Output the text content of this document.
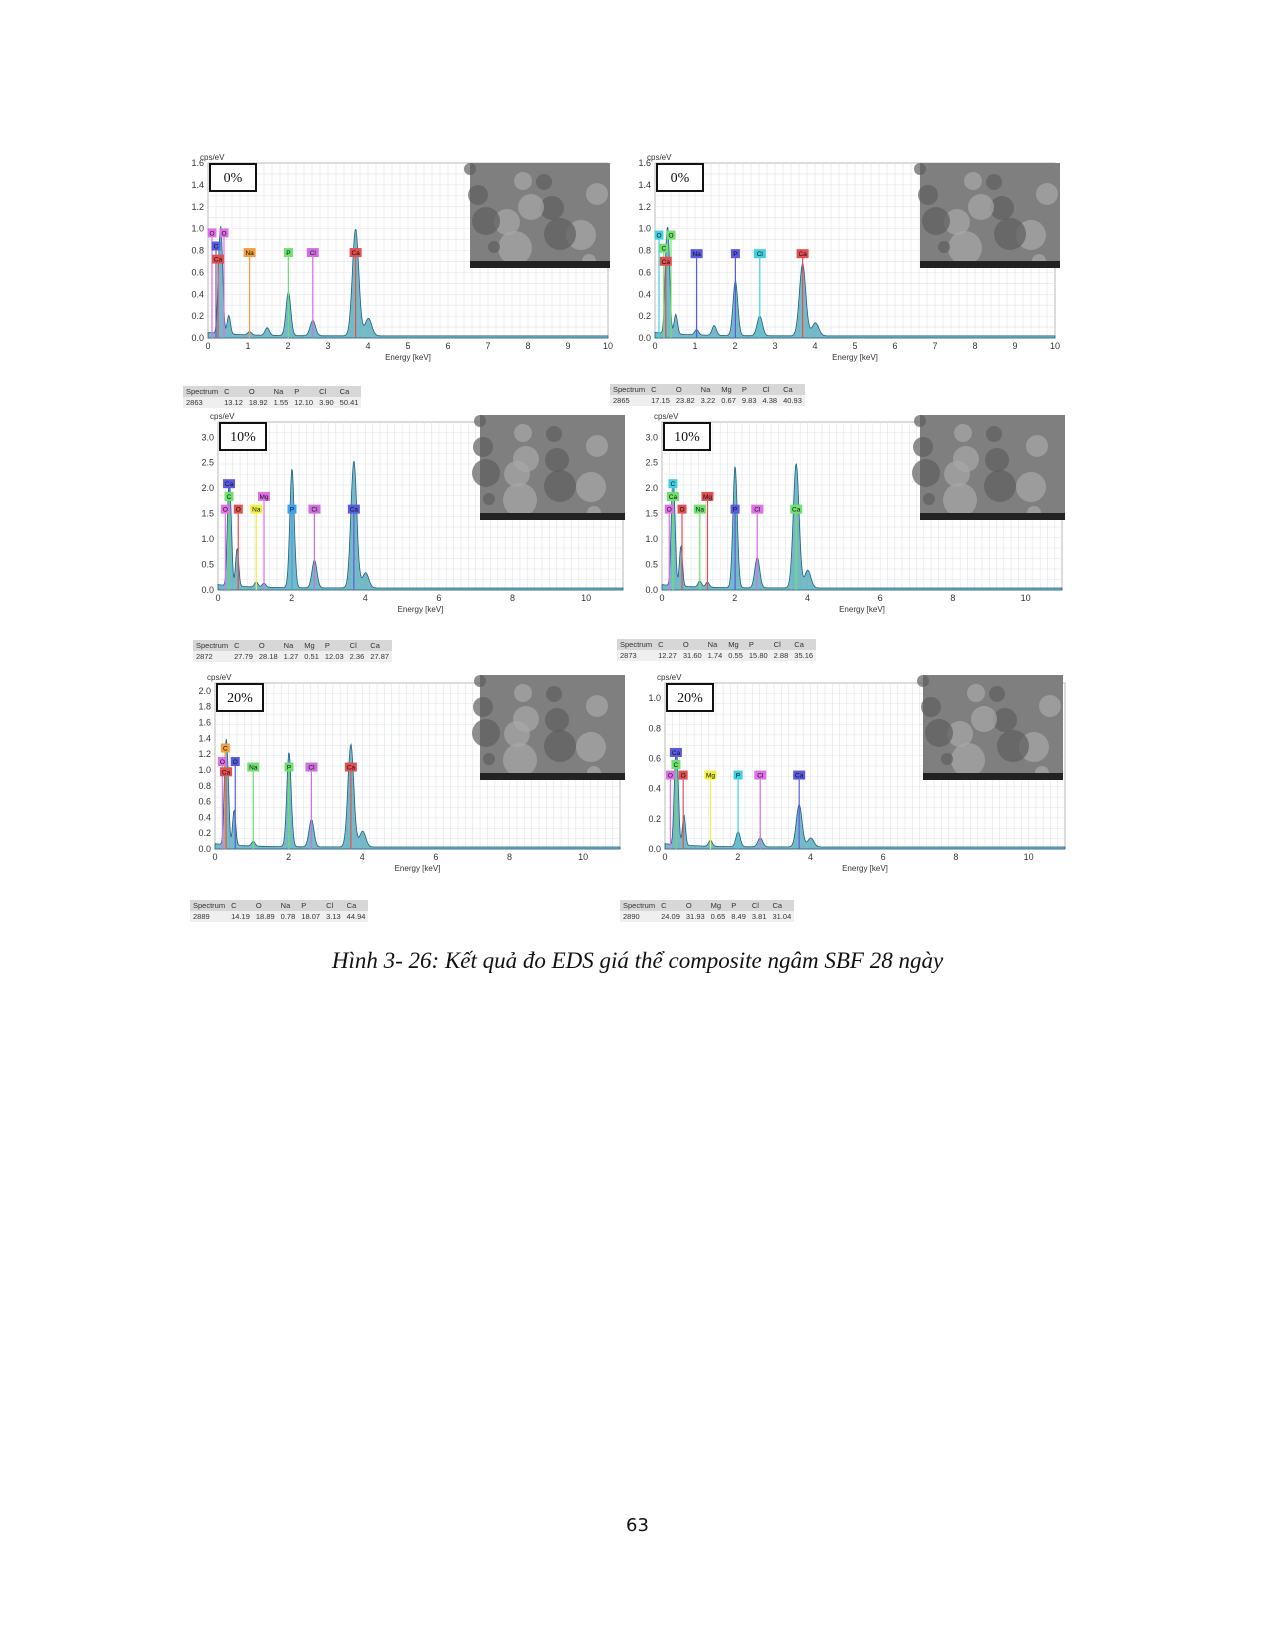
0.0
0.2
0.4
0.6
0.8
1.0
1.2
1.4
1.6
0	1	2	3	4	5	6	7	8	9	10
cps/eV
Energy [keV]
O O
C
Ca
Na	P	Cl	Ca
0%
Spectrum	C	O	Na	P	Cl	Ca
2863	13.12	18.92	1.55	12.10	3.90	50.41
0.0
0.2
0.4
0.6
0.8
1.0
1.2
1.4
1.6
0	1	2	3	4	5	6	7	8	9	10
cps/eV
Energy [keV]
O O
C
Ca
Na	P	Cl	Ca
0%
Spectrum	C	O	Na	Mg	P	Cl	Ca
2865	17.15	23.82	3.22	0.67	9.83	4.38	40.93
0.0
0.5
1.0
1.5
2.0
2.5
3.0
0	2	4	6	8	10
cps/eV
Energy [keV]
Ca
C
O O
Mg
Na	P	Cl	Ca
10%
Spectrum	C	O	Na	Mg	P	Cl	Ca
2872	27.79	28.18	1.27	0.51	12.03	2.36	27.87
0.0
0.5
1.0
1.5
2.0
2.5
3.0
0	2	4	6	8	10
cps/eV
Energy [keV]
C
Ca
O O
Mg
Na	P	Cl	Ca
10%
Spectrum	C	O	Na	Mg	P	Cl	Ca
2873	12.27	31.60	1.74	0.55	15.80	2.88	35.16
0.0
0.2
0.4
0.6
0.8
1.0
1.2
1.4
1.6
1.8
2.0
0	2	4	6	8	10
cps/eV
Energy [keV]
C
O O
Ca
Na	P	Cl	Ca
20%
Spectrum	C	O	Na	P	Cl	Ca
2889	14.19	18.89	0.78	18.07	3.13	44.94
0.0
0.2
0.4
0.6
0.8
1.0
0	2	4	6	8	10
cps/eV
Energy [keV]
Ca
C
O O	Mg	P	Cl	Ca
20%
Spectrum	C	O	Mg	P	Cl	Ca
2890	24.09	31.93	0.65	8.49	3.81	31.04
Hình 3- 26: Kết quả đo EDS giá thể composite ngâm SBF 28 ngày
63
